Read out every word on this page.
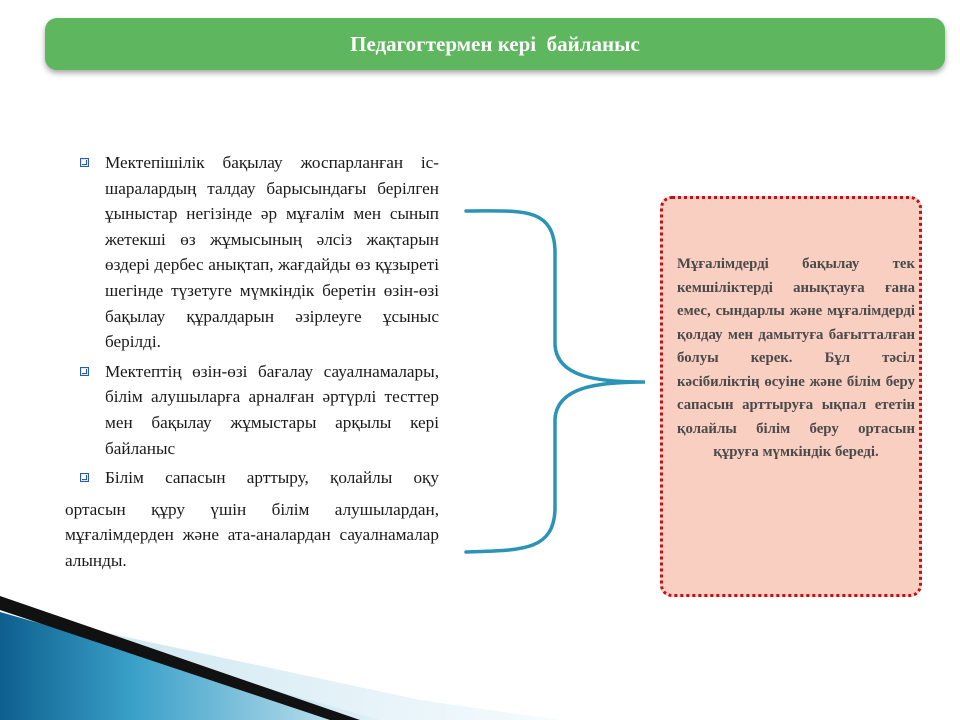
Педагогтермен кері  байланыс
Мектепішілік бақылау жоспарланған іс-шаралардың талдау барысындағы берілген ұыныстар негізінде әр мұғалім мен сынып жетекші өз жұмысының әлсіз жақтарын өздері дербес анықтап, жағдайды өз құзыреті шегінде түзетуге мүмкіндік беретін өзін-өзі бақылау құралдарын әзірлеуге ұсыныс берілді.
Мектептің өзін-өзі бағалау сауалнамалары, білім алушыларға арналған әртүрлі тесттер мен бақылау жұмыстары арқылы кері байланыс
Білім сапасын арттыру, қолайлы оқу
ортасын құру үшін білім алушылардан, мұғалімдерден және ата-аналардан сауалнамалар алынды.
Мұғалімдерді бақылау тек кемшіліктерді анықтауға ғана емес, сындарлы және мұғалімдерді қолдау мен дамытуға бағытталған болуы керек. Бұл тәсіл кәсібиліктің өсуіне және білім беру сапасын арттыруға ықпал ететін қолайлы білім беру ортасын құруға мүмкіндік береді.
